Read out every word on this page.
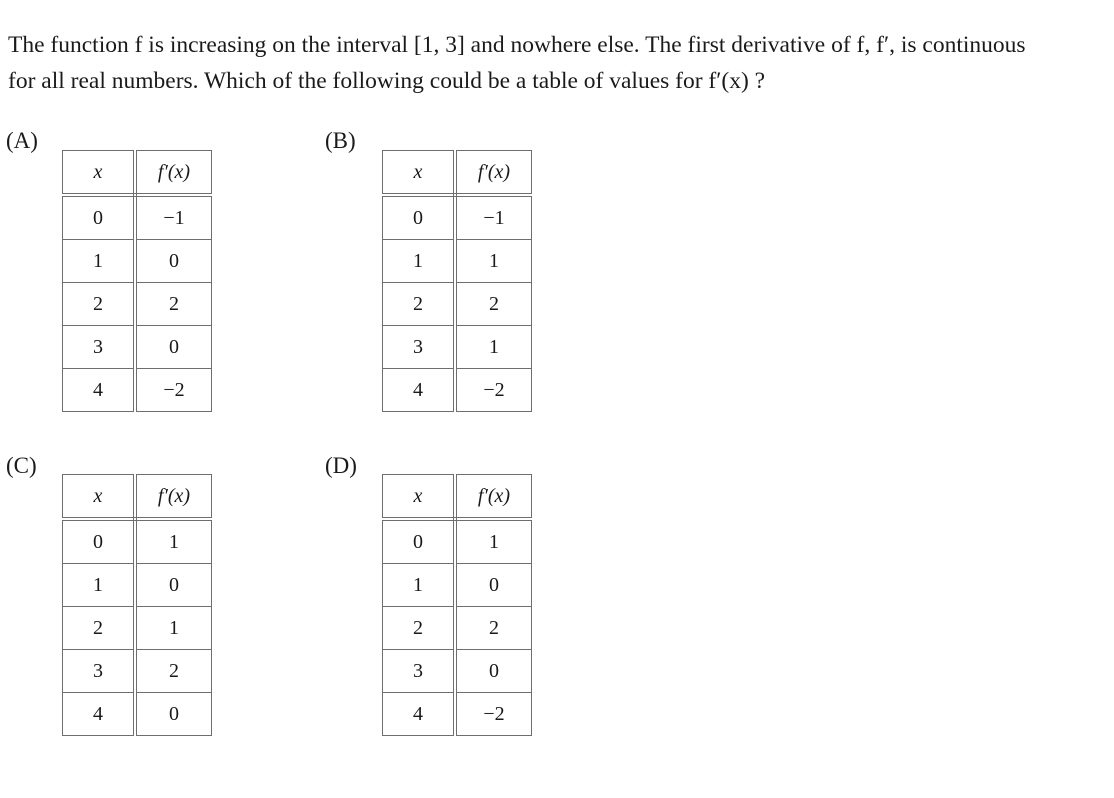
The function f is increasing on the interval [1, 3] and nowhere else. The first derivative of f, f′, is continuous
for all real numbers. Which of the following could be a table of values for f′(x) ?
(A)
x	f′(x)
0	−1
1	0
2	2
3	0
4	−2
(B)
x	f′(x)
0	−1
1	1
2	2
3	1
4	−2
(C)
x	f′(x)
0	1
1	0
2	1
3	2
4	0
(D)
x	f′(x)
0	1
1	0
2	2
3	0
4	−2
